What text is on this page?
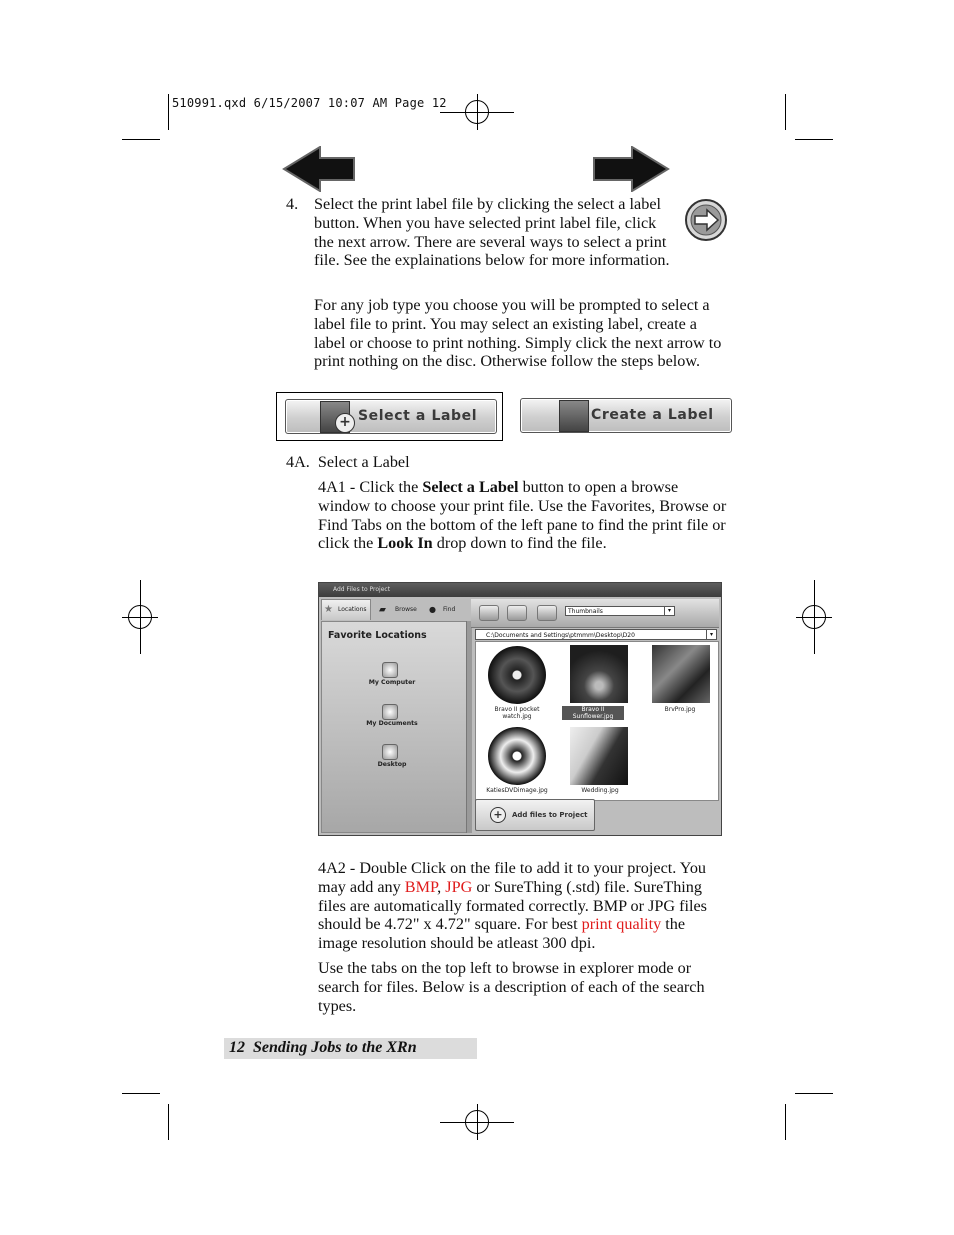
510991.qxd 6/15/2007 10:07 AM Page 12
4. Select the print label file by clicking the select a label button. When you have selected print label file, click the next arrow. There are several ways to select a print file. See the explainations below for more information.

For any job type you choose you will be prompted to select a label file to print. You may select an existing label, create a label or choose to print nothing. Simply click the next arrow to print nothing on the disc. Otherwise follow the steps below.

+ Select a Label	Create a Label
4A.  Select a Label

4A1 - Click the Select a Label button to open a browse window to choose your print file. Use the Favorites, Browse or Find Tabs on the bottom of the left pane to find the print file or click the Look In drop down to find the file.

Add Files to Project
★ Locations ▰ Browse ● Find
Favorite Locations
My Computer
My Documents
Desktop
Thumbnails	▾
C:\Documents and Settings\ptmmm\Desktop\D20	▾
Bravo II pocket watch.jpg
Bravo II Sunflower.jpg
BrvPro.jpg
KatiesDVDimage.jpg	Wedding.jpg
+	Add files to Project

4A2 - Double Click on the file to add it to your project. You may add any BMP, JPG or SureThing (.std) file. SureThing files are automatically formated correctly. BMP or JPG files should be 4.72" x 4.72" square. For best print quality the image resolution should be atleast 300 dpi.

Use the tabs on the top left to browse in explorer mode or search for files. Below is a description of each of the search types.

12  Sending Jobs to the XRn
